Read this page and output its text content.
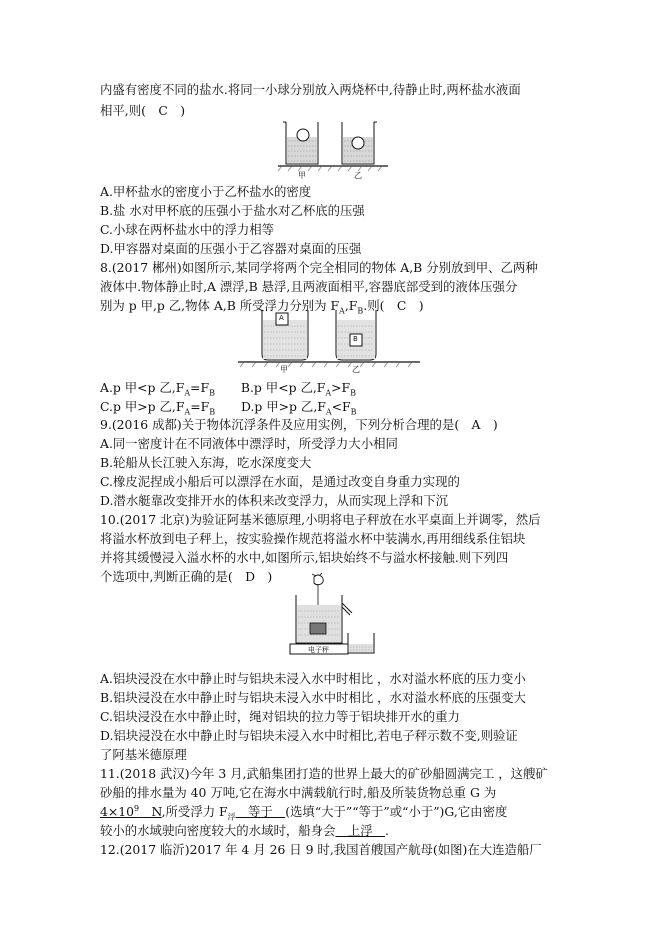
内盛有密度不同的盐水.将同一小球分别放入两烧杯中,待静止时,两杯盐水液面
相平,则(　C　)
甲	乙
A.甲杯盐水的密度小于乙杯盐水的密度
B.盐 水对甲杯底的压强小于盐水对乙杯底的压强
C.小球在两杯盐水中的浮力相等
D.甲容器对桌面的压强小于乙容器对桌面的压强
8.(2017 郴州)如图所示,某同学将两个完全相同的物体 A,B 分别放到甲、乙两种
液体中.物体静止时,A 漂浮,B 悬浮,且两液面相平,容器底部受到的液体压强分
别为 p 甲,p 乙,物体 A,B 所受浮力分别为 $F_A,F_B$.则(　C　)
A
B
甲	乙
A.p 甲<p 乙$,F_A=F_B$ B.p 甲<p 乙$,F_A>F_B$
C.p 甲>p 乙$,F_A=F_B$ D.p 甲>p 乙$,F_A<F_B$
9.(2016 成都)关于物体沉浮条件及应用实例，下列分析合理的是(　A　)
A.同一密度计在不同液体中漂浮时，所受浮力大小相同
B.轮船从长江驶入东海，吃水深度变大
C.橡皮泥捏成小船后可以漂浮在水面，是通过改变自身重力实现的
D.潜水艇靠改变排开水的体积来改变浮力，从而实现上浮和下沉
10.(2017 北京)为验证阿基米德原理,小明将电子秤放在水平桌面上并调零，然后
将溢水杯放到电子秤上，按实验操作规范将溢水杯中装满水,再用细线系住铝块
并将其缓慢浸入溢水杯的水中,如图所示,铝块始终不与溢水杯接触.则下列四
个选项中,判断正确的是(　D　)
电子秤
A.铝块浸没在水中静止时与铝块未浸入水中时相比 ，水对溢水杯底的压力变小
B.铝块浸没在水中静止时与铝块未浸入水中时相比 ，水对溢水杯底的压强变大
C.铝块浸没在水中静止时，绳对铝块的拉力等于铝块排开水的重力
D.铝块浸没在水中静止时与铝块未浸入水中时相比,若电子秤示数不变,则验证
了阿基米德原理
11.(2018 武汉)今年 3 月,武船集团打造的世界上最大的矿砂船圆满完工 ，这艘矿
砂船的排水量为 40 万吨,它在海水中满载航行时,船及所装货物总重 G 为
$4\times 10^9$　N,所受浮力 $F_浮$　等于　(选填“大于”“等于”或“小于”)G,它由密度
较小的水域驶向密度较大的水域时，船身会　上浮　.
12.(2017 临沂)2017 年 4 月 26 日 9 时,我国首艘国产航母(如图)在大连造船厂
